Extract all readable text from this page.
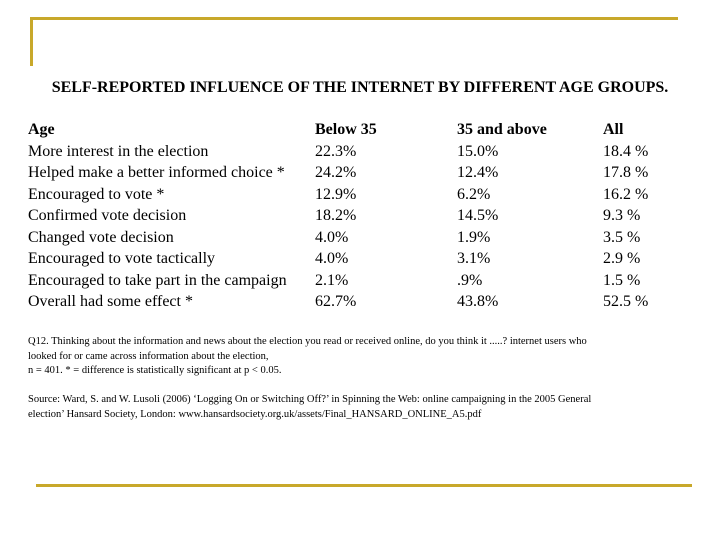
SELF-REPORTED INFLUENCE OF THE INTERNET BY DIFFERENT AGE GROUPS.
Age	Below 35	35 and above	All
More interest in the election	22.3%	15.0%	18.4 %
Helped make a better informed choice * 24.2%	12.4%	17.8 %
Encouraged to vote *	12.9%	6.2%	16.2 %
Confirmed vote decision	18.2%	14.5%	9.3 %
Changed vote decision	4.0%	1.9%	3.5 %
Encouraged to vote tactically	4.0%	3.1%	2.9 %
Encouraged to take part in the campaign 2.1%	.9%	1.5 %
Overall had some effect *	62.7%	43.8%	52.5 %
Q12. Thinking about the information and news about the election you read or received online, do you think it .....? internet users who
looked for or came across information about the election,
n = 401. * = difference is statistically significant at p < 0.05.
Source: Ward, S. and W. Lusoli (2006) ‘Logging On or Switching Off?’ in Spinning the Web: online campaigning in the 2005 General
election’ Hansard Society, London: www.hansardsociety.org.uk/assets/Final_HANSARD_ONLINE_A5.pdf
